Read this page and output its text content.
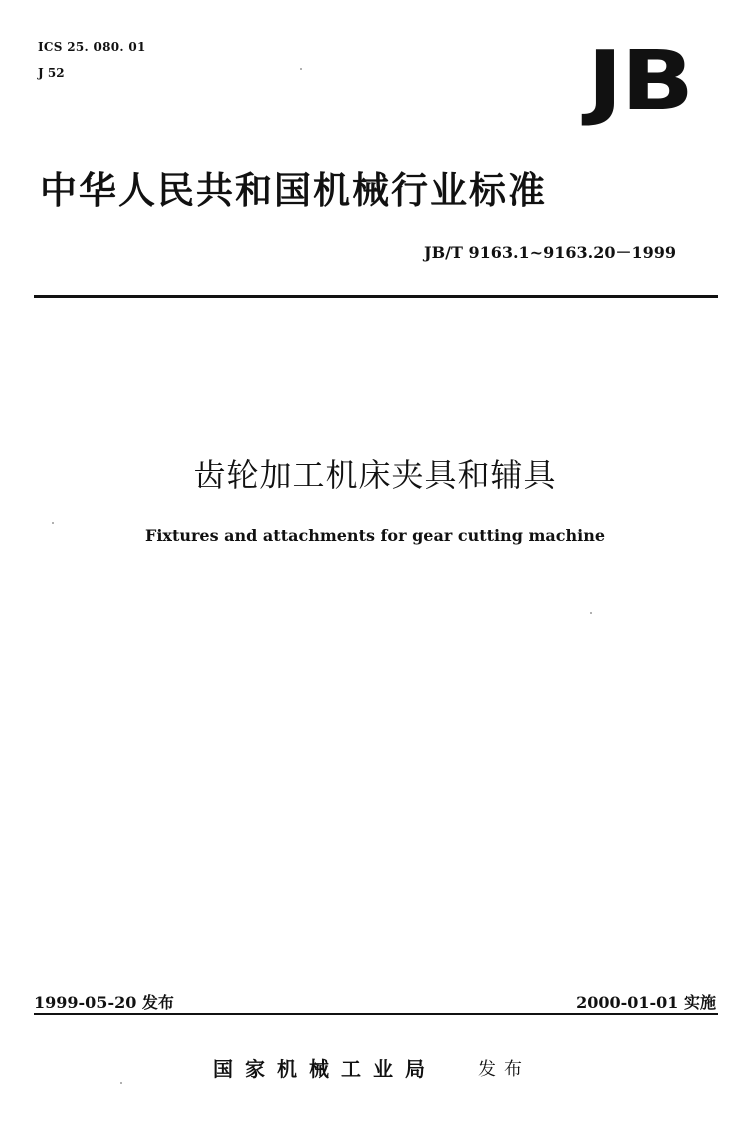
ICS 25. 080. 01
J 52	JB
中华人民共和国机械行业标准
JB/T 9163.1~9163.20－1999
齿轮加工机床夹具和辅具
Fixtures and attachments for gear cutting machine
1999-05-20 发布	2000-01-01 实施
国家机械工业局 发布
